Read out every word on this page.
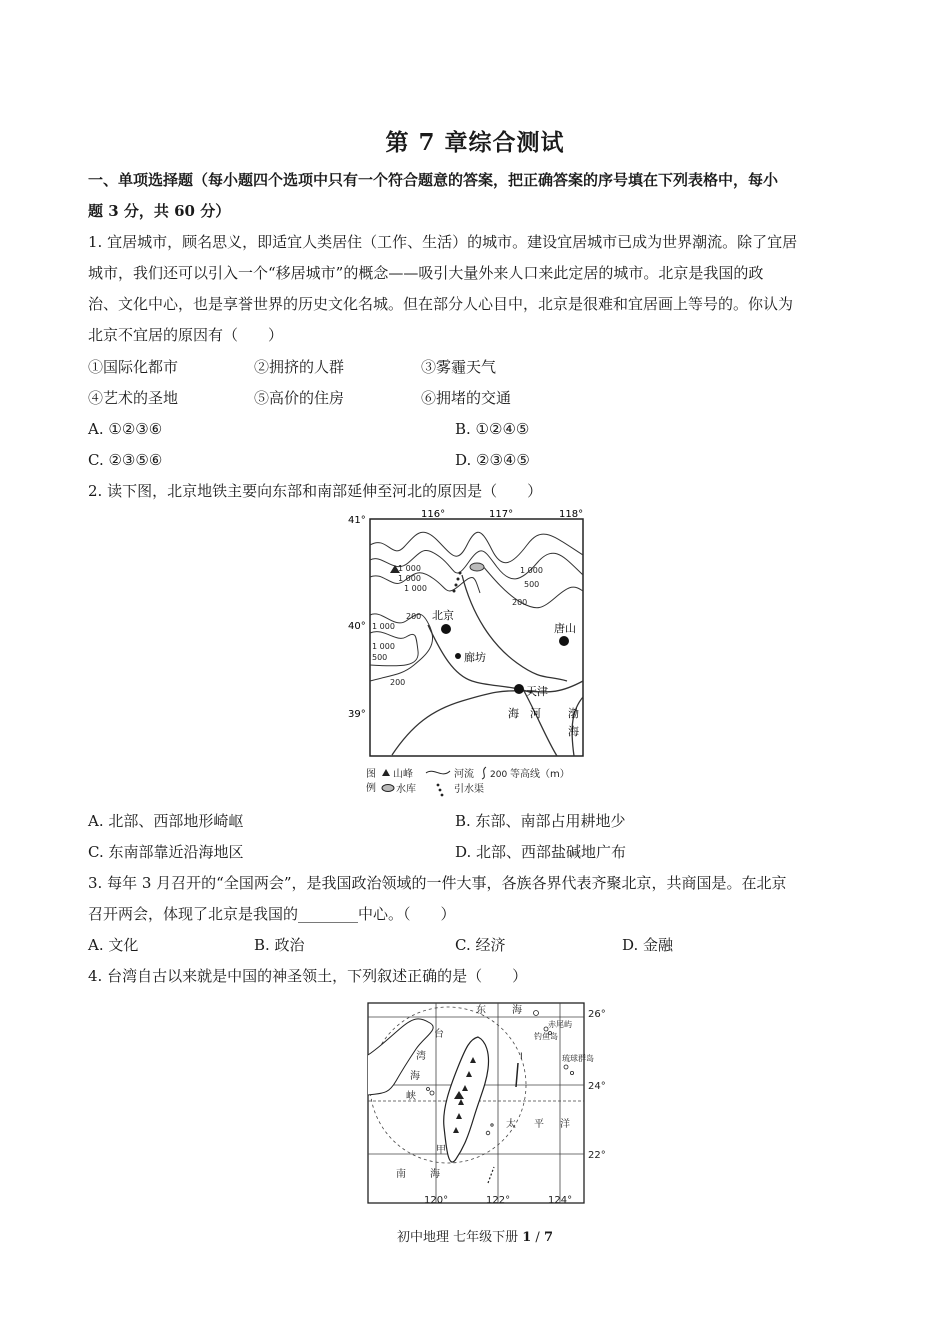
第 7 章综合测试
一、单项选择题（每小题四个选项中只有一个符合题意的答案，把正确答案的序号填在下列表格中，每小
题 3 分，共 60 分）
1. 宜居城市，顾名思义，即适宜人类居住（工作、生活）的城市。建设宜居城市已成为世界潮流。除了宜居
城市，我们还可以引入一个“移居城市”的概念——吸引大量外来人口来此定居的城市。北京是我国的政
治、文化中心，也是享誉世界的历史文化名城。但在部分人心目中，北京是很难和宜居画上等号的。你认为
北京不宜居的原因有（　　）
①国际化都市	②拥挤的人群	③雾霾天气
④艺术的圣地	⑤高价的住房	⑥拥堵的交通
A. ①②③⑥	B. ①②④⑤
C. ②③⑤⑥	D. ②③④⑤
2. 读下图，北京地铁主要向东部和南部延伸至河北的原因是（　　）
116°	117°	118°
41°
40°
39°
1 000
1 000
1 000
1 000
500
200
200
1 000
1 000
500
200
北京
唐山
廊坊
天津
海 河 渤
海
图
例
山峰	河流 200 等高线（m）
水库	引水渠
A. 北部、西部地形崎岖	B. 东部、南部占用耕地少
C. 东南部靠近沿海地区	D. 北部、西部盐碱地广布
3. 每年 3 月召开的“全国两会”，是我国政治领域的一件大事，各族各界代表齐聚北京，共商国是。在北京
召开两会，体现了北京是我国的________中心。（　　）
A. 文化	B. 政治	C. 经济	D. 金融
4. 台湾自古以来就是中国的神圣领土，下列叙述正确的是（　　）
26°
24°
22°
120°	122°	124°
东	海
赤尾屿
钓鱼岛
琉球群岛
台
湾
海
峡
太 平 洋
甲
南 海
I
初中地理 七年级下册 1 / 7
